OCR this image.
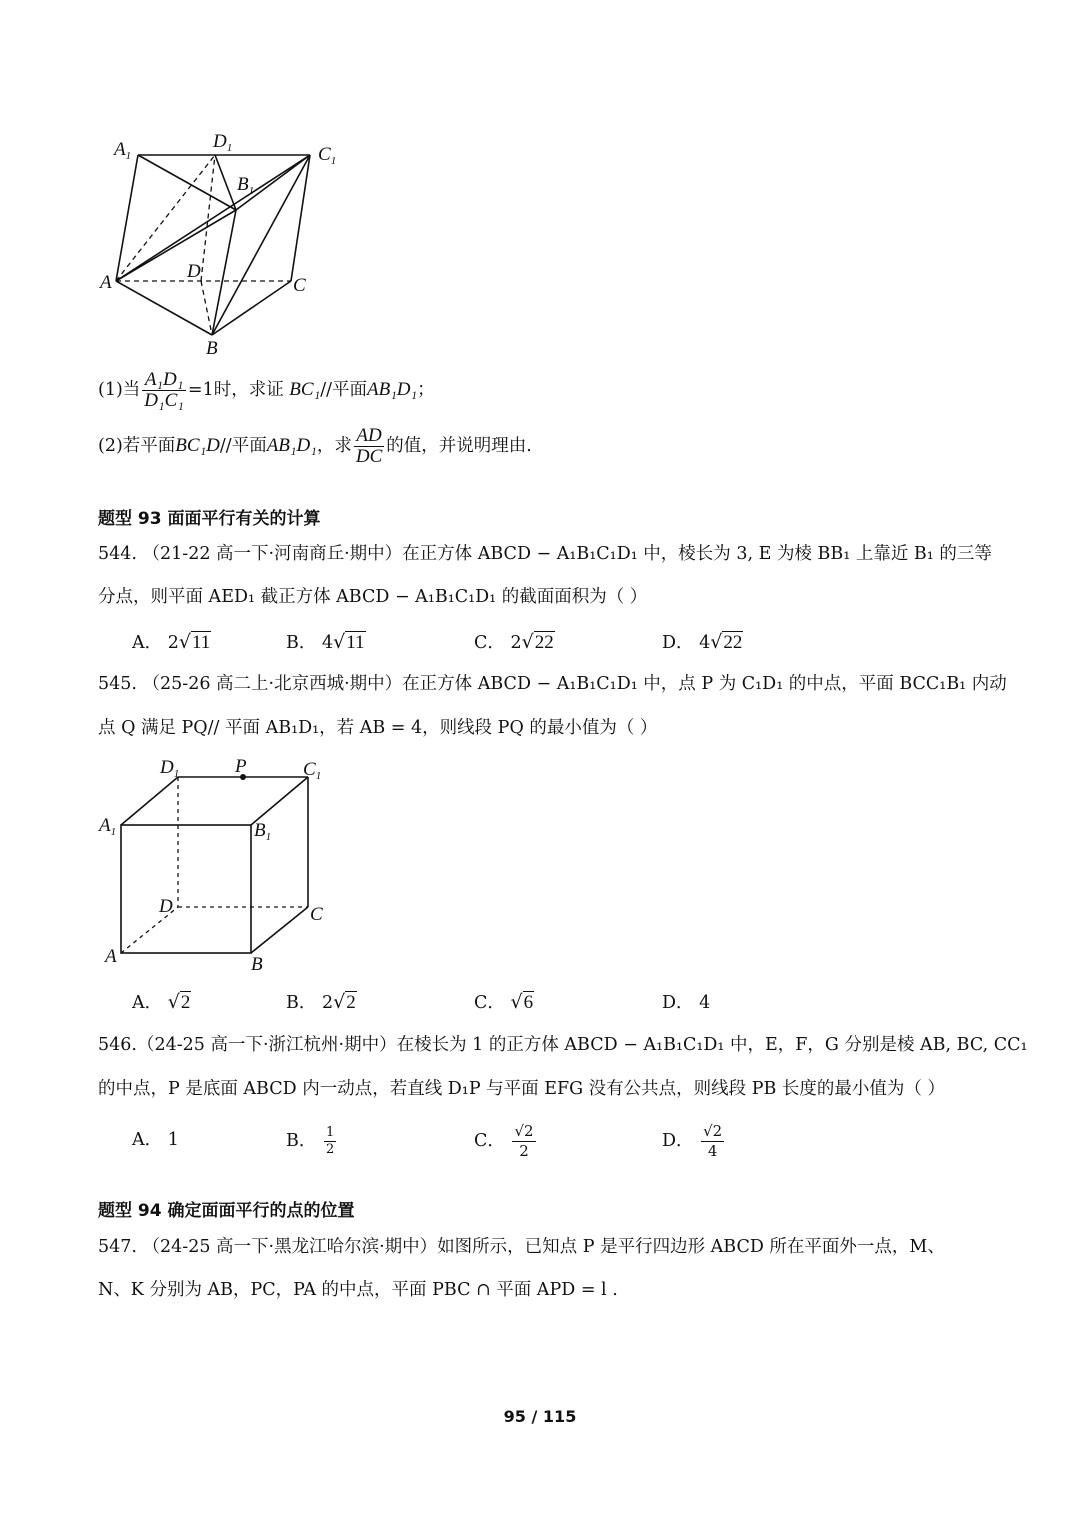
$A_1$
$D_1$	$C_1$
$B_1$
D
A	C
B
(1)当 $\frac{\text{A₁D₁}}{\text{D₁C₁}} =1$时，求证 BC₁//平面AB₁D₁；
(2)若平面BC₁D//平面AB₁D₁，求 $\frac{AD}{DC}$ 的值，并说明理由.
题型 93 面面平行有关的计算
544. （21-22 高一下·河南商丘·期中）在正方体 ABCD − A₁B₁C₁D₁ 中，棱长为 3, E 为棱 BB₁ 上靠近 B₁ 的三等
分点，则平面 AED₁ 截正方体 ABCD − A₁B₁C₁D₁ 的截面面积为（ ）
A． 2√11	B． 4√11	C． 2√22	D． 4√22
545. （25-26 高二上·北京西城·期中）在正方体 ABCD − A₁B₁C₁D₁ 中，点 P 为 C₁D₁ 的中点，平面 BCC₁B₁ 内动
点 Q 满足 PQ// 平面 AB₁D₁，若 AB = 4，则线段 PQ 的最小值为（ ）
$D_1$	P	$C_1$
$A_1$	$B_1$
D	C
A	B
A． √2	B． 2√2	C． √6	D． 4
546.（24-25 高一下·浙江杭州·期中）在棱长为 1 的正方体 ABCD − A₁B₁C₁D₁ 中，E，F，G 分别是棱 AB, BC, CC₁
的中点，P 是底面 ABCD 内一动点，若直线 D₁P 与平面 EFG 没有公共点，则线段 PB 长度的最小值为（ ）
A． 1	B． $\frac{1}{2}$	C． $\frac{√2}{2}$	D． $\frac{√2}{4}$
题型 94 确定面面平行的点的位置
547. （24-25 高一下·黑龙江哈尔滨·期中）如图所示，已知点 P 是平行四边形 ABCD 所在平面外一点，M、
N、K 分别为 AB，PC，PA 的中点，平面 PBC ∩ 平面 APD = l .
95 / 115
